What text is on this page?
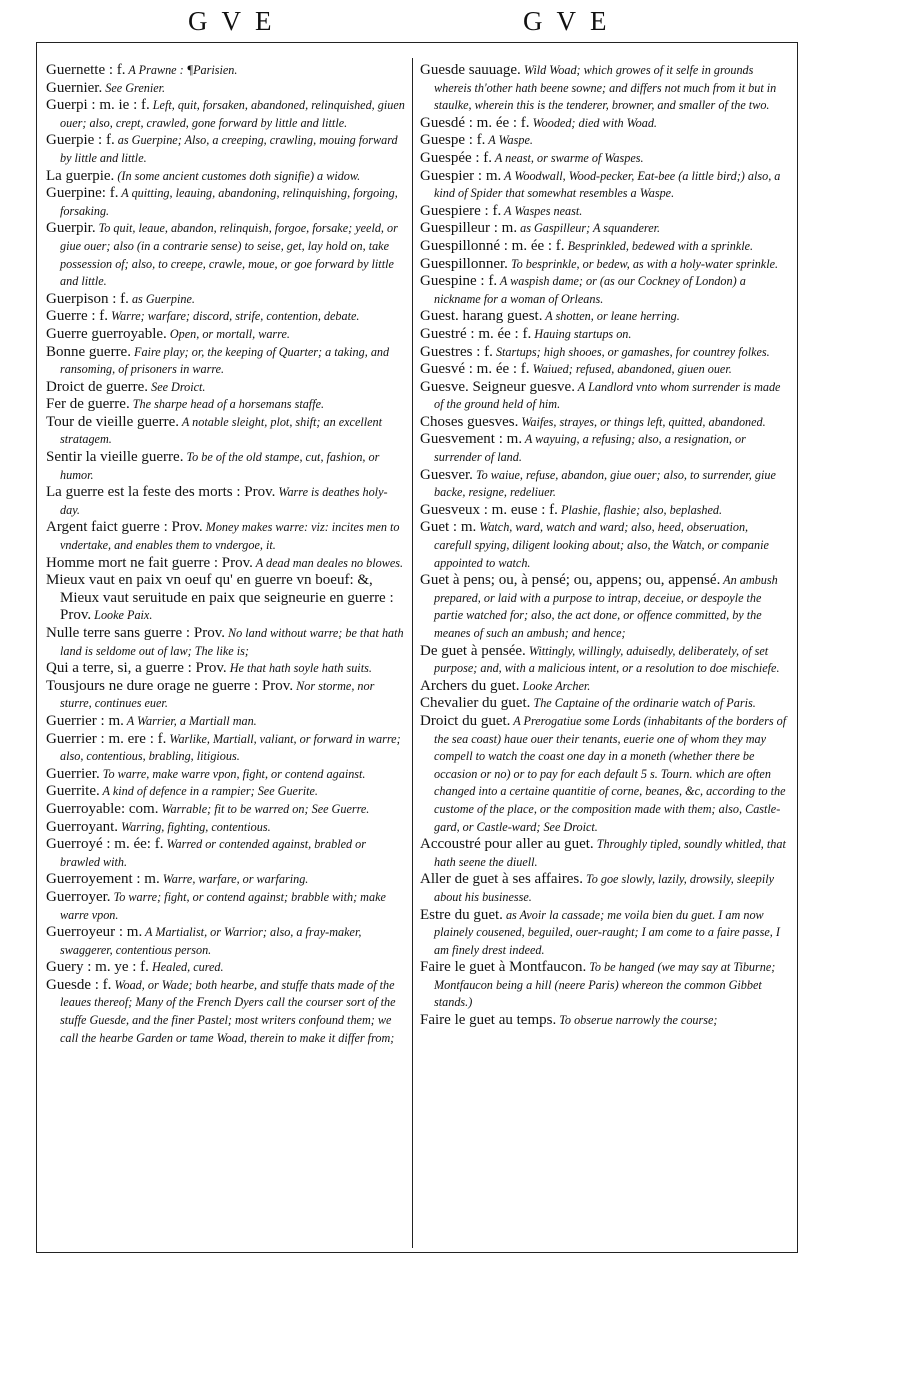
GVE	GVE

Guernette : f. A Prawne : ¶Parisien.

Guernier. See Grenier.

Guerpi : m. ie : f. Left, quit, forsaken, abandoned, relinquished, giuen ouer; also, crept, crawled, gone forward by little and little.

Guerpie : f. as Guerpine; Also, a creeping, crawling, mouing forward by little and little.

La guerpie. (In some ancient customes doth signifie) a widow.

Guerpine: f. A quitting, leauing, abandoning, relinquishing, forgoing, forsaking.

Guerpir. To quit, leaue, abandon, relinquish, forgoe, forsake; yeeld, or giue ouer; also (in a contrarie sense) to seise, get, lay hold on, take possession of; also, to creepe, crawle, moue, or goe forward by little and little.

Guerpison : f. as Guerpine.

Guerre : f. Warre; warfare; discord, strife, contention, debate.

Guerre guerroyable. Open, or mortall, warre.

Bonne guerre. Faire play; or, the keeping of Quarter; a taking, and ransoming, of prisoners in warre.

Droict de guerre. See Droict.

Fer de guerre. The sharpe head of a horsemans staffe.

Tour de vieille guerre. A notable sleight, plot, shift; an excellent stratagem.

Sentir la vieille guerre. To be of the old stampe, cut, fashion, or humor.

La guerre est la feste des morts : Prov. Warre is deathes holy-day.

Argent faict guerre : Prov. Money makes warre: viz: incites men to vndertake, and enables them to vndergoe, it.

Homme mort ne fait guerre : Prov. A dead man deales no blowes.

Mieux vaut en paix vn oeuf qu' en guerre vn boeuf: &, Mieux vaut seruitude en paix que seigneurie en guerre : Prov. Looke Paix.

Nulle terre sans guerre : Prov. No land without warre; be that hath land is seldome out of law; The like is;

Qui a terre, si, a guerre : Prov. He that hath soyle hath suits.

Tousjours ne dure orage ne guerre : Prov. Nor storme, nor sturre, continues euer.

Guerrier : m. A Warrier, a Martiall man.

Guerrier : m. ere : f. Warlike, Martiall, valiant, or forward in warre; also, contentious, brabling, litigious.

Guerrier. To warre, make warre vpon, fight, or contend against.

Guerrite. A kind of defence in a rampier; See Guerite.

Guerroyable: com. Warrable; fit to be warred on; See Guerre.

Guerroyant. Warring, fighting, contentious.

Guerroyé : m. ée: f. Warred or contended against, brabled or brawled with.

Guerroyement : m. Warre, warfare, or warfaring.

Guerroyer. To warre; fight, or contend against; brabble with; make warre vpon.

Guerroyeur : m. A Martialist, or Warrior; also, a fray-maker, swaggerer, contentious person.

Guery : m. ye : f. Healed, cured.

Guesde : f. Woad, or Wade; both hearbe, and stuffe thats made of the leaues thereof; Many of the French Dyers call the courser sort of the stuffe Guesde, and the finer Pastel; most writers confound them; we call the hearbe Garden or tame Woad, therein to make it differ from;

Guesde sauuage. Wild Woad; which growes of it selfe in grounds whereis th'other hath beene sowne; and differs not much from it but in staulke, wherein this is the tenderer, browner, and smaller of the two.

Guesdé : m. ée : f. Wooded; died with Woad.

Guespe : f. A Waspe.

Guespée : f. A neast, or swarme of Waspes.

Guespier : m. A Woodwall, Wood-pecker, Eat-bee (a little bird;) also, a kind of Spider that somewhat resembles a Waspe.

Guespiere : f. A Waspes neast.

Guespilleur : m. as Gaspilleur; A squanderer.

Guespillonné : m. ée : f. Besprinkled, bedewed with a sprinkle.

Guespillonner. To besprinkle, or bedew, as with a holy-water sprinkle.

Guespine : f. A waspish dame; or (as our Cockney of London) a nickname for a woman of Orleans.

Guest. harang guest. A shotten, or leane herring.

Guestré : m. ée : f. Hauing startups on.

Guestres : f. Startups; high shooes, or gamashes, for countrey folkes.

Guesvé : m. ée : f. Waiued; refused, abandoned, giuen ouer.

Guesve. Seigneur guesve. A Landlord vnto whom surrender is made of the ground held of him.

Choses guesves. Waifes, strayes, or things left, quitted, abandoned.

Guesvement : m. A wayuing, a refusing; also, a resignation, or surrender of land.

Guesver. To waiue, refuse, abandon, giue ouer; also, to surrender, giue backe, resigne, redeliuer.

Guesveux : m. euse : f. Plashie, flashie; also, beplashed.

Guet : m. Watch, ward, watch and ward; also, heed, obseruation, carefull spying, diligent looking about; also, the Watch, or companie appointed to watch.

Guet à pens; ou, à pensé; ou, appens; ou, appensé. An ambush prepared, or laid with a purpose to intrap, deceiue, or despoyle the partie watched for; also, the act done, or offence committed, by the meanes of such an ambush; and hence;

De guet à pensée. Wittingly, willingly, aduisedly, deliberately, of set purpose; and, with a malicious intent, or a resolution to doe mischiefe.

Archers du guet. Looke Archer.

Chevalier du guet. The Captaine of the ordinarie watch of Paris.

Droict du guet. A Prerogatiue some Lords (inhabitants of the borders of the sea coast) haue ouer their tenants, euerie one of whom they may compell to watch the coast one day in a moneth (whether there be occasion or no) or to pay for each default 5 s. Tourn. which are often changed into a certaine quantitie of corne, beanes, &c, according to the custome of the place, or the composition made with them; also, Castle-gard, or Castle-ward; See Droict.

Accoustré pour aller au guet. Throughly tipled, soundly whitled, that hath seene the diuell.

Aller de guet à ses affaires. To goe slowly, lazily, drowsily, sleepily about his businesse.

Estre du guet. as Avoir la cassade; me voila bien du guet. I am now plainely cousened, beguiled, ouer-raught; I am come to a faire passe, I am finely drest indeed.

Faire le guet à Montfaucon. To be hanged (we may say at Tiburne; Montfaucon being a hill (neere Paris) whereon the common Gibbet stands.)

Faire le guet au temps. To obserue narrowly the course;
